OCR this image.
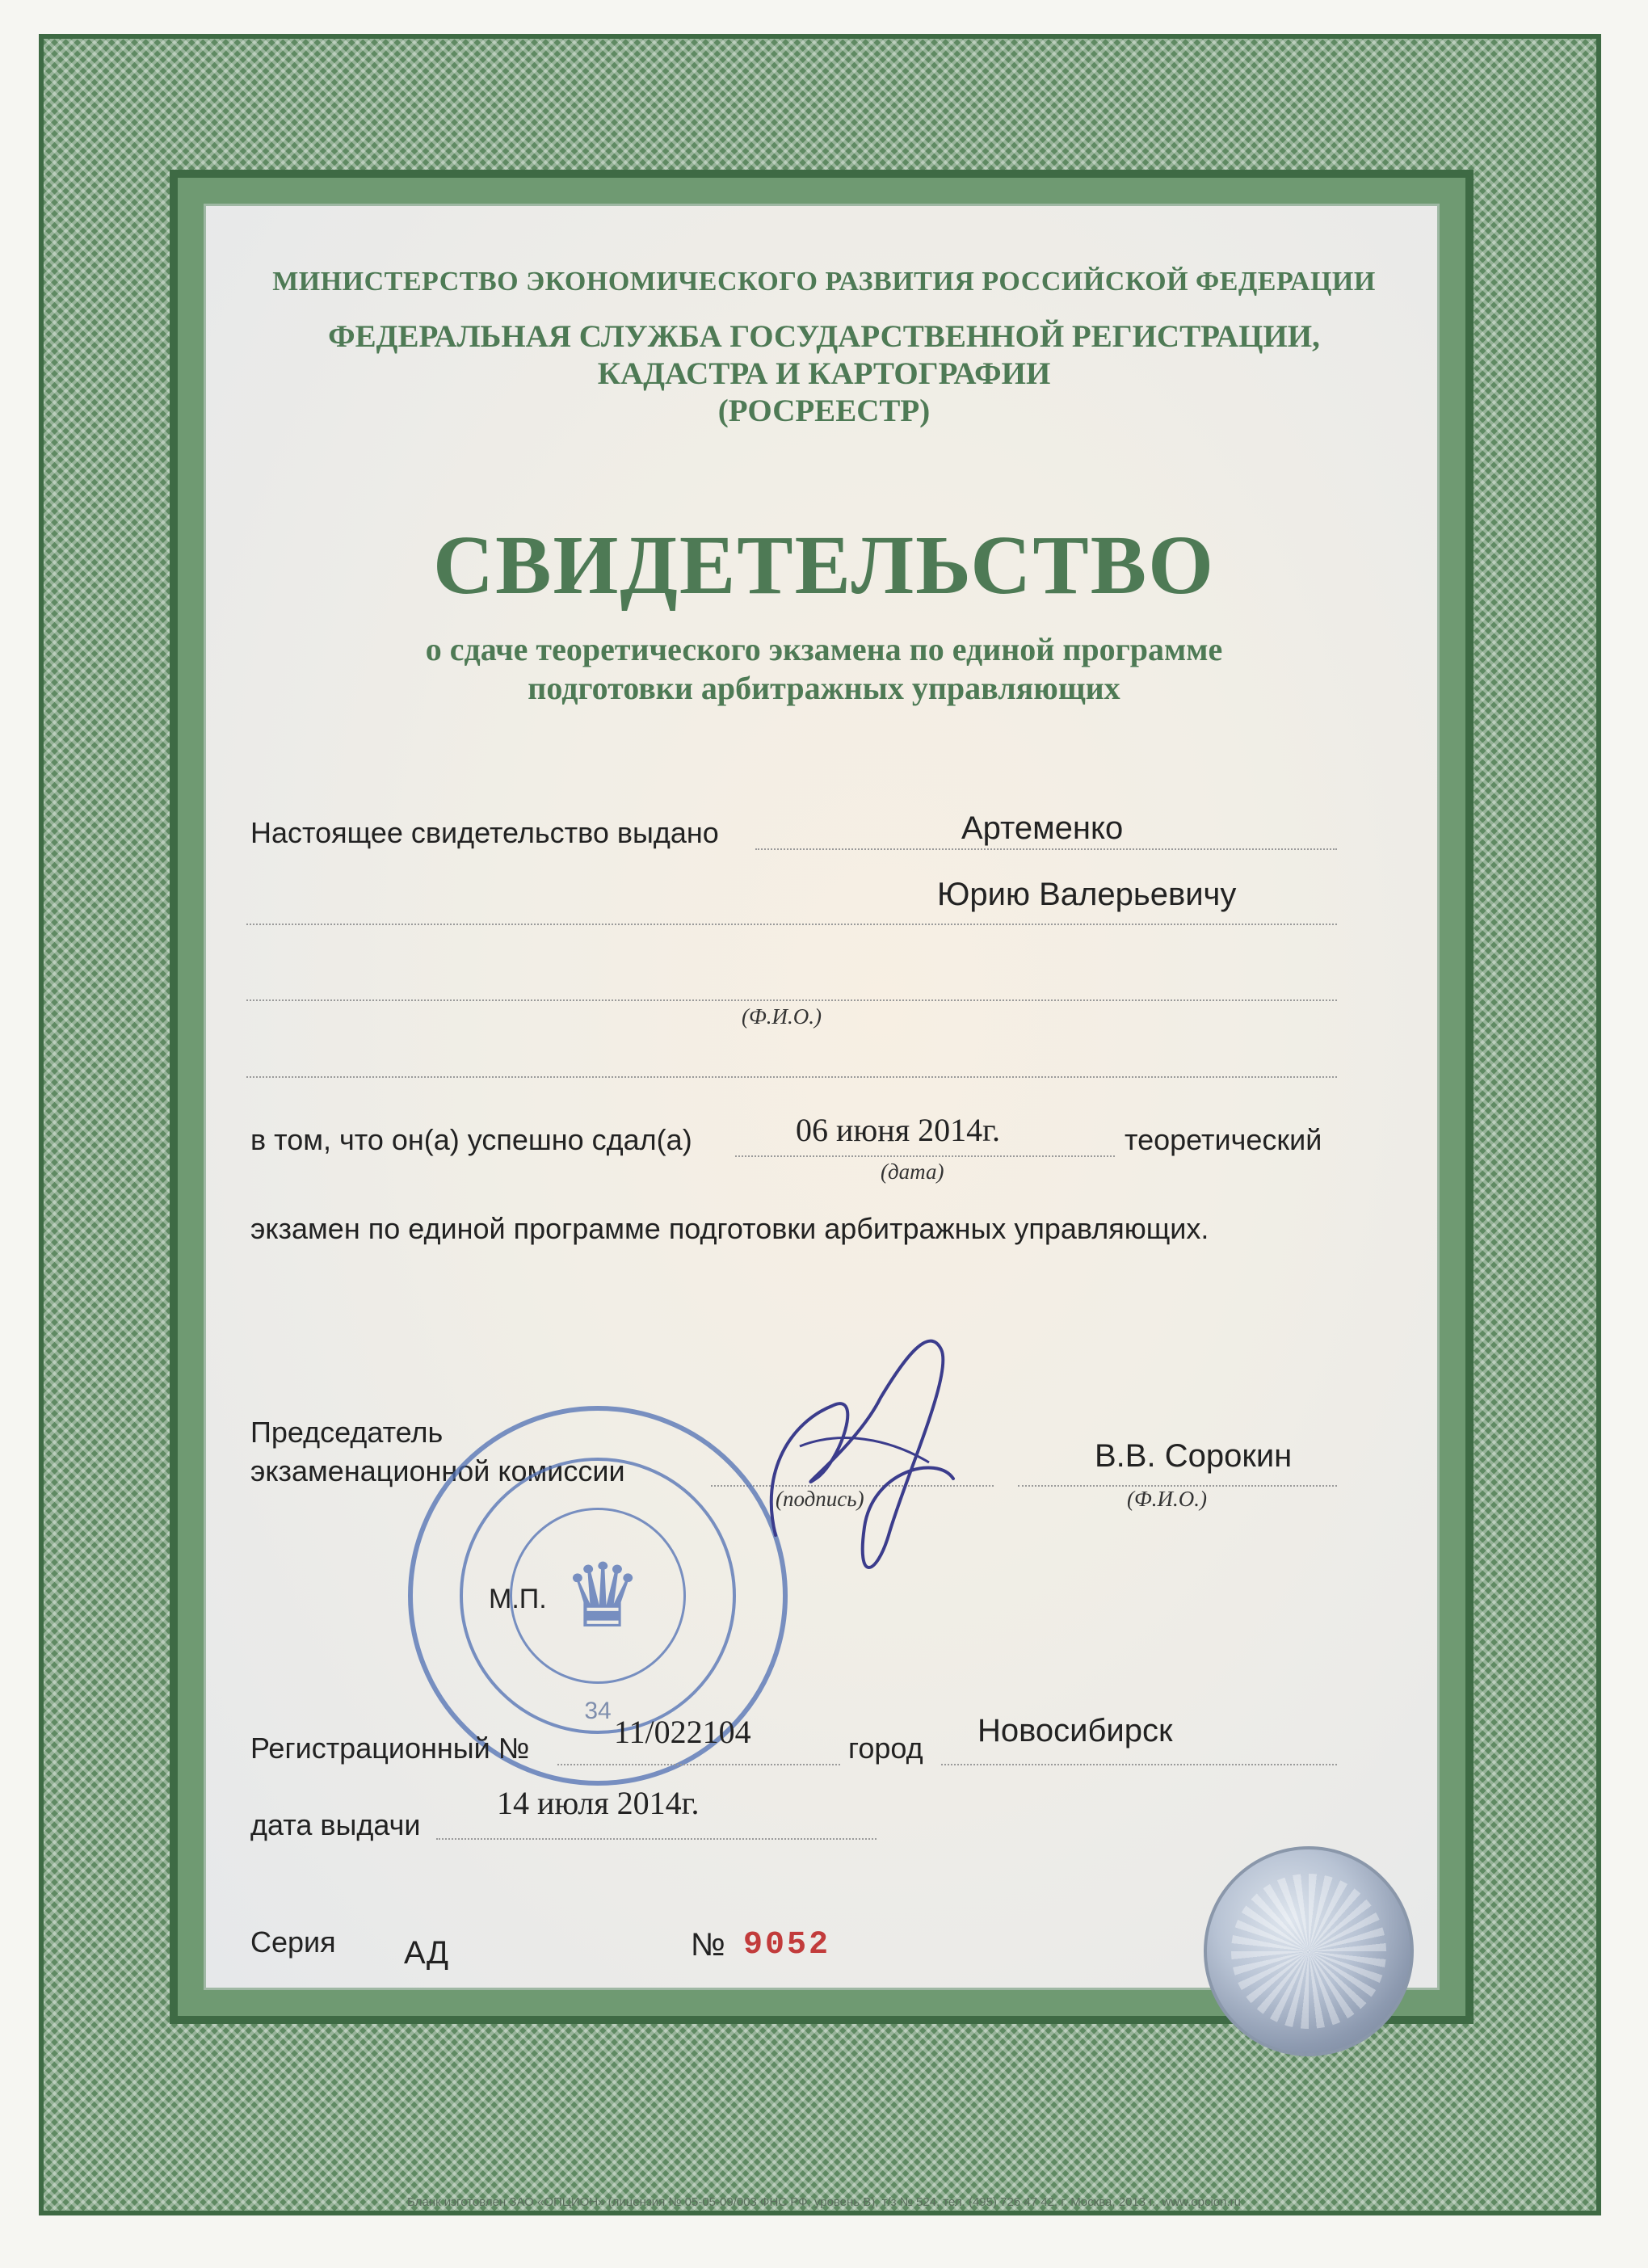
МИНИСТЕРСТВО ЭКОНОМИЧЕСКОГО РАЗВИТИЯ РОССИЙСКОЙ ФЕДЕРАЦИИ
ФЕДЕРАЛЬНАЯ СЛУЖБА ГОСУДАРСТВЕННОЙ РЕГИСТРАЦИИ,
КАДАСТРА И КАРТОГРАФИИ
(РОСРЕЕСТР)
СВИДЕТЕЛЬСТВО
о сдаче теоретического экзамена по единой программе
подготовки арбитражных управляющих
Настоящее свидетельство выдано	Артеменко
Юрию Валерьевичу
(Ф.И.О.)
в том, что он(а) успешно сдал(а)	06 июня 2014г.
(дата)
теоретический
экзамен по единой программе подготовки арбитражных управляющих.
Председатель
экзаменационной комиссии
(подпись)
В.В. Сорокин
(Ф.И.О.)
М.П. ♛
34
Регистрационный №	11/022104	город Новосибирск
дата выдачи
14 июля 2014г.
Серия АД	№ 9052
Бланк изготовлен ЗАО «ОПЦИОН» (лицензия № 05-05-09/003 ФНС РФ, уровень В), т/з № 524, тел. (495) 726 47 42, г. Москва, 2013 г., www.opcion.ru
